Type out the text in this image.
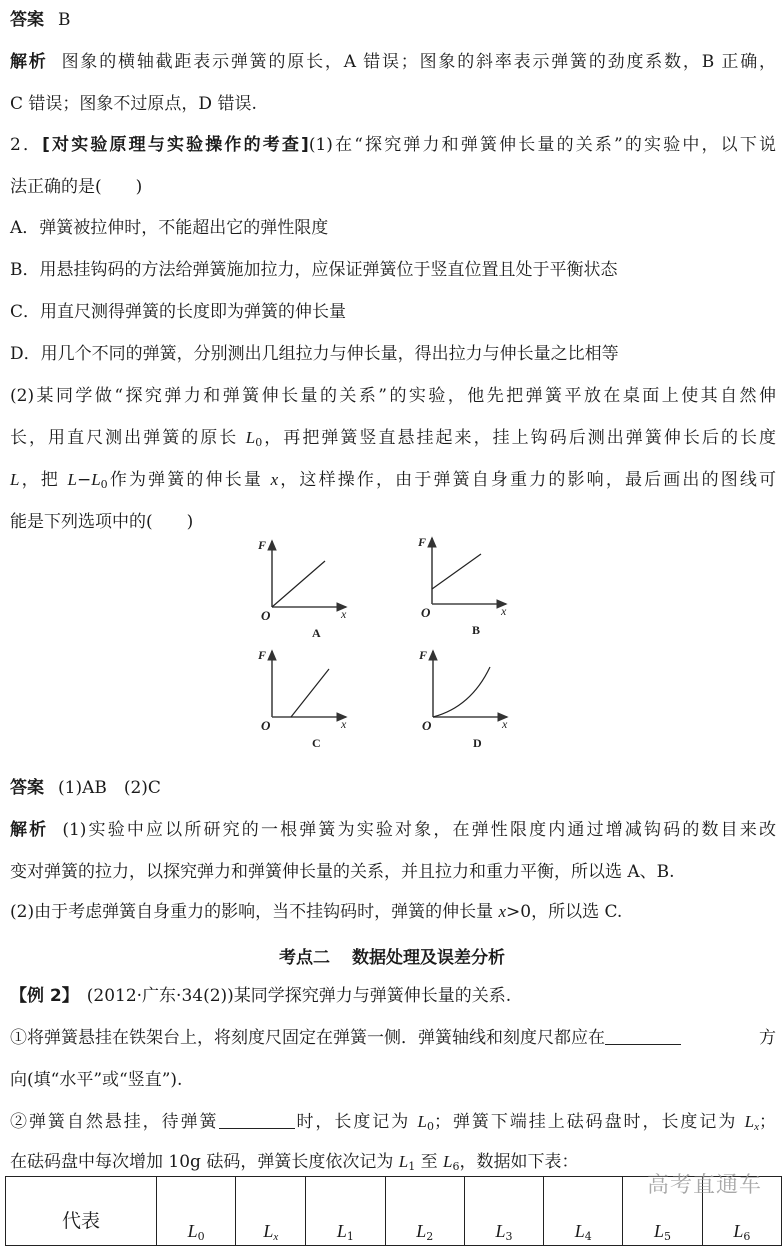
答案 B
解析 图象的横轴截距表示弹簧的原长，A 错误；图象的斜率表示弹簧的劲度系数，B 正确，
C 错误；图象不过原点，D 错误.
2．[对实验原理与实验操作的考查](1)在“探究弹力和弹簧伸长量的关系”的实验中，以下说
法正确的是(　　)
A．弹簧被拉伸时，不能超出它的弹性限度
B．用悬挂钩码的方法给弹簧施加拉力，应保证弹簧位于竖直位置且处于平衡状态
C．用直尺测得弹簧的长度即为弹簧的伸长量
D．用几个不同的弹簧，分别测出几组拉力与伸长量，得出拉力与伸长量之比相等
(2)某同学做“探究弹力和弹簧伸长量的关系”的实验，他先把弹簧平放在桌面上使其自然伸
长，用直尺测出弹簧的原长 $L_0$，再把弹簧竖直悬挂起来，挂上钩码后测出弹簧伸长后的长度
L，把 $L-L_0$作为弹簧的伸长量 x，这样操作，由于弹簧自身重力的影响，最后画出的图线可
能是下列选项中的(　　)
F
O	x
A
F
O	x
B
F
O	x
C
F
O	x
D
答案 (1)AB　(2)C
解析 (1)实验中应以所研究的一根弹簧为实验对象，在弹性限度内通过增减钩码的数目来改
变对弹簧的拉力，以探究弹力和弹簧伸长量的关系，并且拉力和重力平衡，所以选 A、B.
(2)由于考虑弹簧自身重力的影响，当不挂钩码时，弹簧的伸长量 x>0，所以选 C.
考点二 数据处理及误差分析
【例 2】 (2012·广东·34(2))某同学探究弹力与弹簧伸长量的关系.
①将弹簧悬挂在铁架台上，将刻度尺固定在弹簧一侧．弹簧轴线和刻度尺都应在	方
向(填“水平”或“竖直”).
②弹簧自然悬挂，待弹簧	时，长度记为 $L_0$；弹簧下端挂上砝码盘时，长度记为 $L_x$；
在砝码盘中每次增加 10g 砝码，弹簧长度依次记为 $L_1$ 至 $L_6$，数据如下表：
代表	$L_0$	$L_x$	$L_1$	$L_2$	$L_3$	$L_4$	$L_5$	$L_6$
高考直通车
